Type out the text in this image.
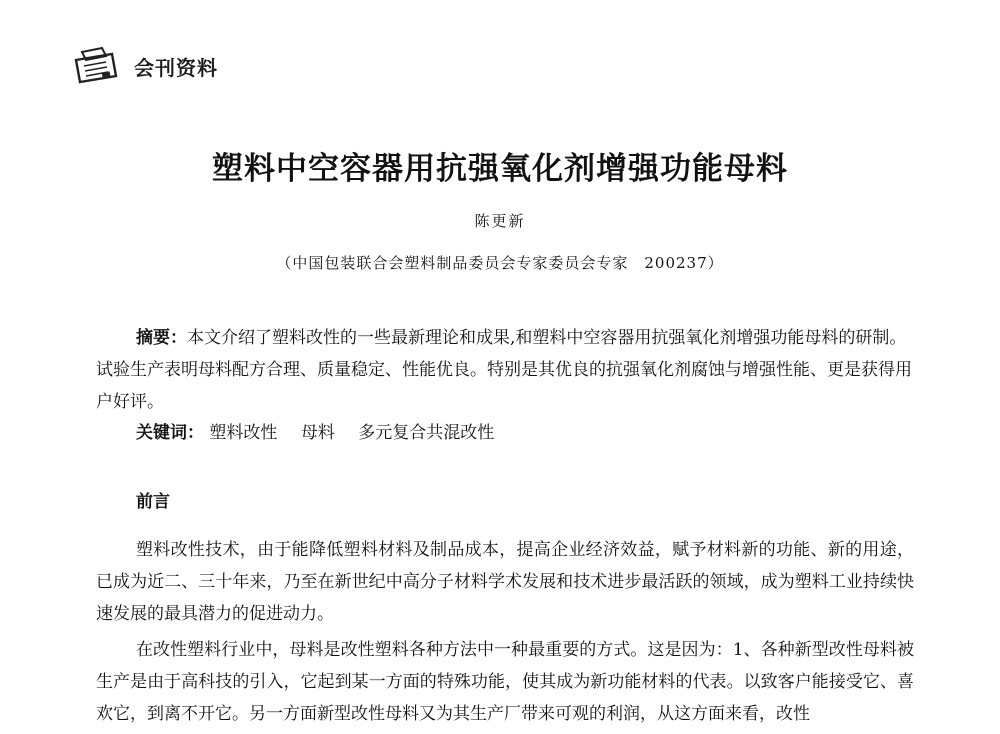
会刊资料
塑料中空容器用抗强氧化剂增强功能母料
陈更新
（中国包装联合会塑料制品委员会专家委员会专家　200237）

摘要：本文介绍了塑料改性的一些最新理论和成果,和塑料中空容器用抗强氧化剂增强功能母料的研制。试验生产表明母料配方合理、质量稳定、性能优良。特别是其优良的抗强氧化剂腐蚀与增强性能、更是获得用户好评。

关键词： 塑料改性 母料 多元复合共混改性
前言

塑料改性技术，由于能降低塑料材料及制品成本，提高企业经济效益，赋予材料新的功能、新的用途，已成为近二、三十年来，乃至在新世纪中高分子材料学术发展和技术进步最活跃的领域，成为塑料工业持续快速发展的最具潜力的促进动力。

在改性塑料行业中，母料是改性塑料各种方法中一种最重要的方式。这是因为：1、各种新型改性母料被生产是由于高科技的引入，它起到某一方面的特殊功能，使其成为新功能材料的代表。以致客户能接受它、喜欢它，到离不开它。另一方面新型改性母料又为其生产厂带来可观的利润，从这方面来看，改性
